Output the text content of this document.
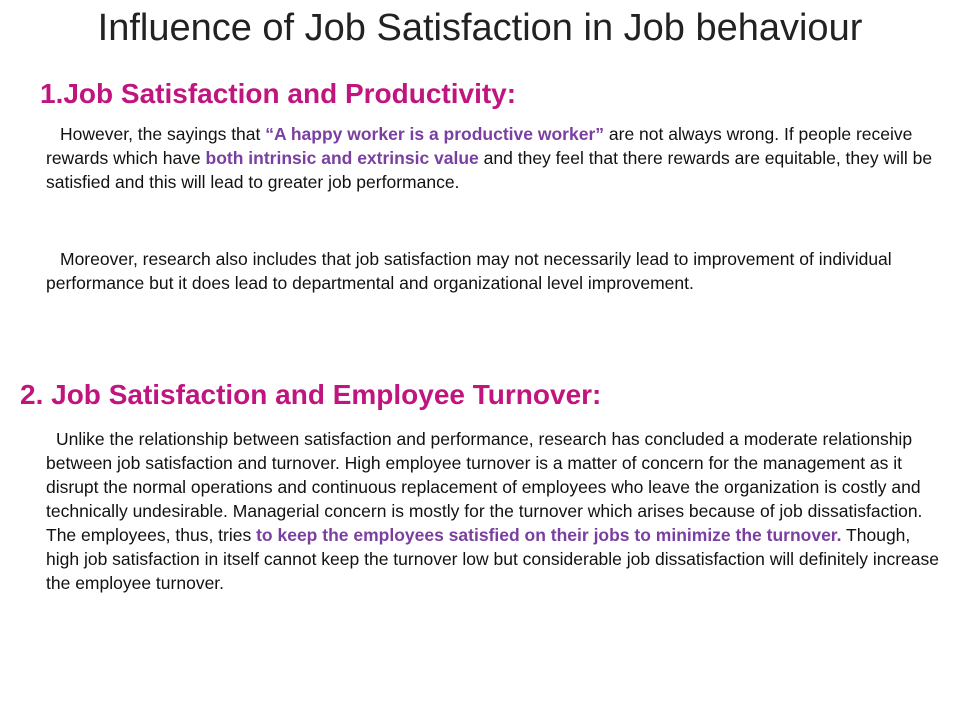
Influence of Job Satisfaction in Job behaviour
1.Job Satisfaction and Productivity:

However, the sayings that “A happy worker is a productive worker” are not always wrong. If people receive rewards which have both intrinsic and extrinsic value and they feel that there rewards are equitable, they will be satisfied and this will lead to greater job performance.

Moreover, research also includes that job satisfaction may not necessarily lead to improvement of individual performance but it does lead to departmental and organizational level improvement.

2. Job Satisfaction and Employee Turnover:

Unlike the relationship between satisfaction and performance, research has concluded a moderate relationship between job satisfaction and turnover. High employee turnover is a matter of concern for the management as it disrupt the normal operations and continuous replacement of employees who leave the organization is costly and technically undesirable. Managerial concern is mostly for the turnover which arises because of job dissatisfaction. The employees, thus, tries to keep the employees satisfied on their jobs to minimize the turnover. Though, high job satisfaction in itself cannot keep the turnover low but considerable job dissatisfaction will definitely increase the employee turnover.
